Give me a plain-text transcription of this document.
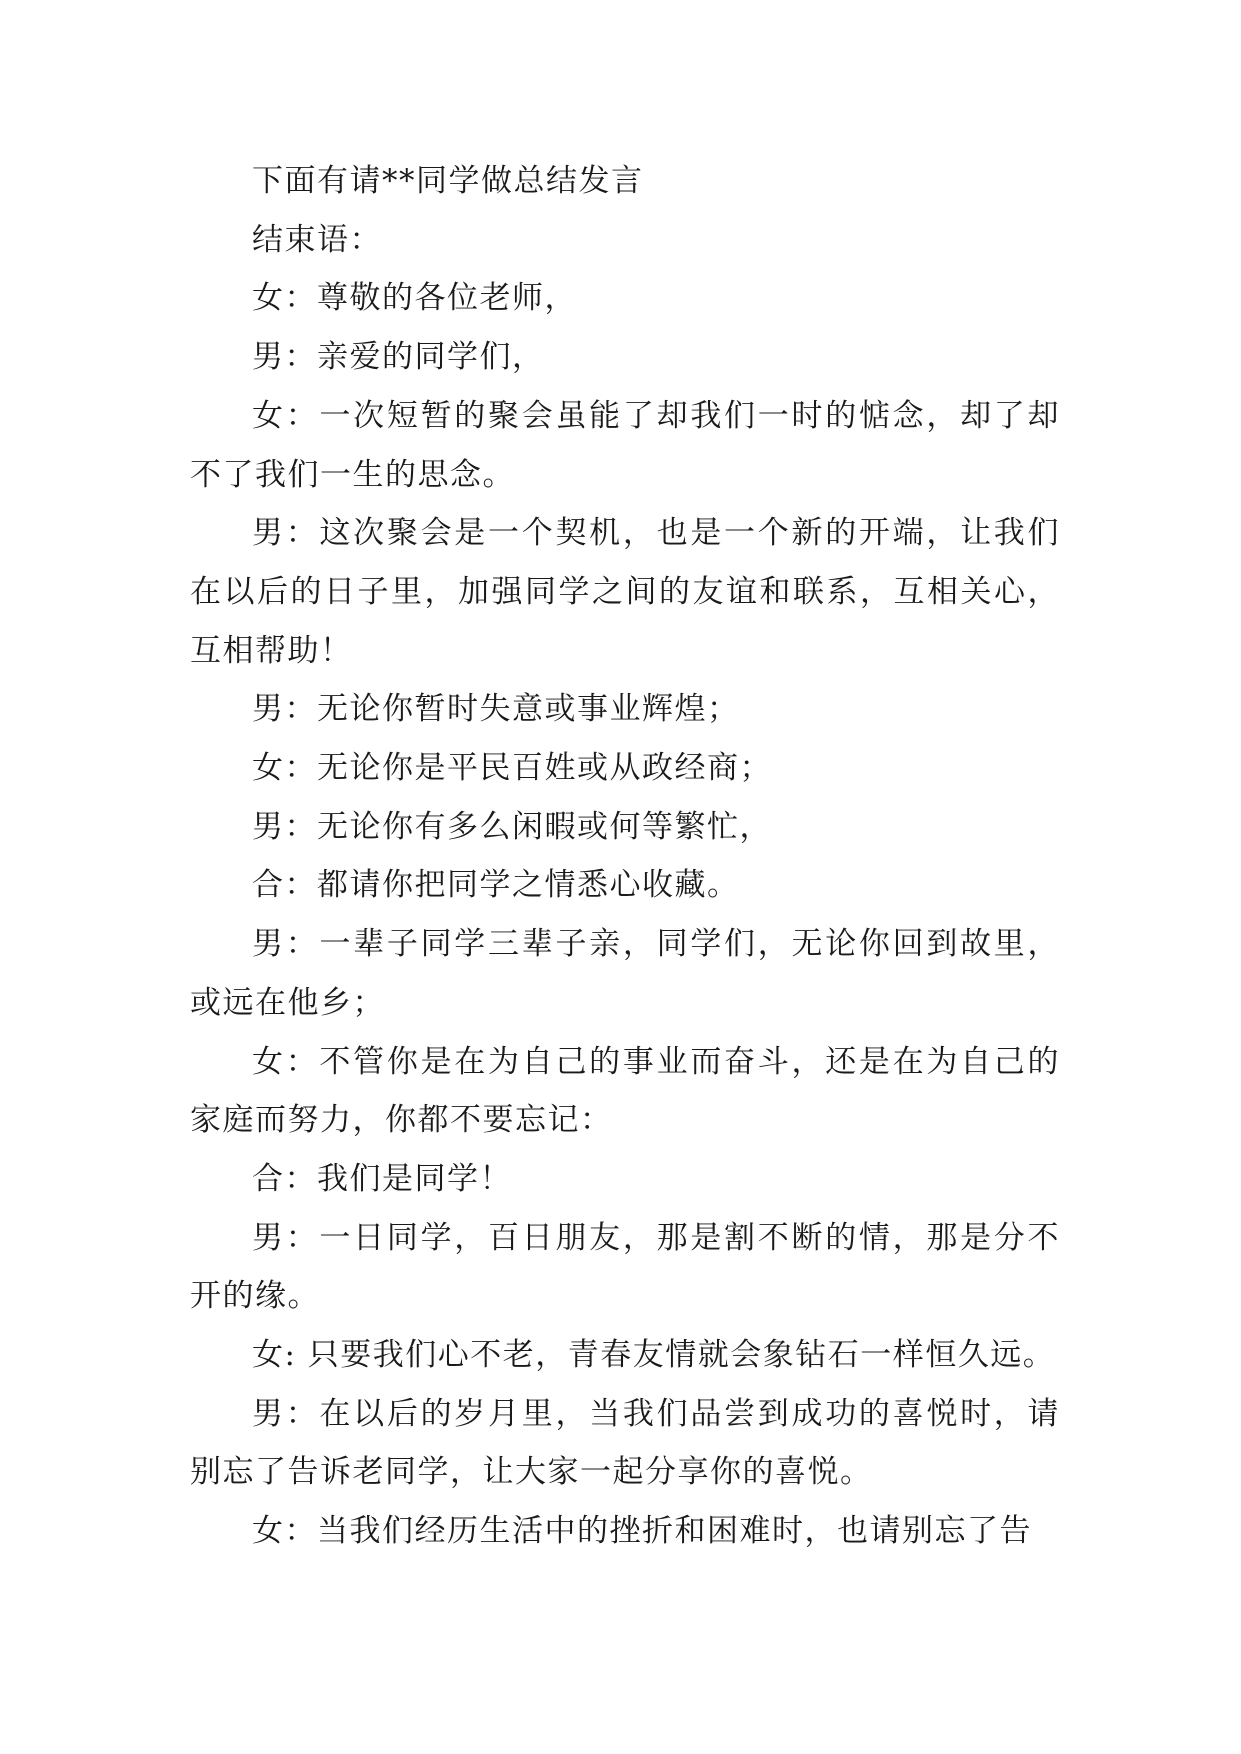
下面有请**同学做总结发言

结束语：

女：尊敬的各位老师，

男：亲爱的同学们，

女：一次短暂的聚会虽能了却我们一时的惦念，却了却不了我们一生的思念。

男：这次聚会是一个契机，也是一个新的开端，让我们在以后的日子里，加强同学之间的友谊和联系，互相关心，互相帮助！

男：无论你暂时失意或事业辉煌；

女：无论你是平民百姓或从政经商；

男：无论你有多么闲暇或何等繁忙，

合：都请你把同学之情悉心收藏。

男：一辈子同学三辈子亲，同学们，无论你回到故里，或远在他乡；

女：不管你是在为自己的事业而奋斗，还是在为自己的家庭而努力，你都不要忘记：

合：我们是同学！

男：一日同学，百日朋友，那是割不断的情，那是分不开的缘。

女: 只要我们心不老，青春友情就会象钻石一样恒久远。

男：在以后的岁月里，当我们品尝到成功的喜悦时，请别忘了告诉老同学，让大家一起分享你的喜悦。

女：当我们经历生活中的挫折和困难时，也请别忘了告
